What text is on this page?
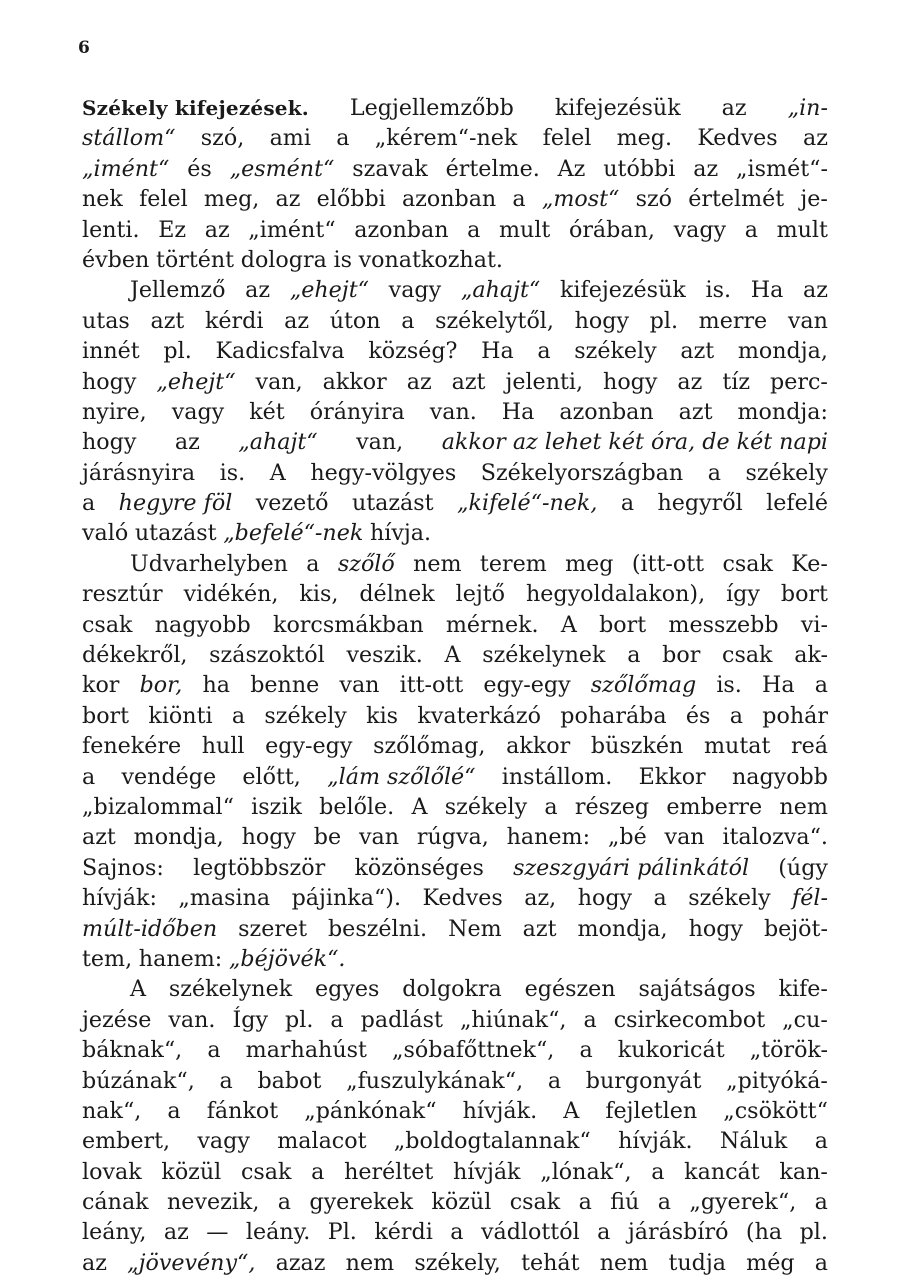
6
Székely kifejezések. Legjellemzőbb kifejezésük az „in-
stállom“ szó, ami a „kérem“-nek felel meg. Kedves az
„imént“ és „esmént“ szavak értelme. Az utóbbi az „ismét“-
nek felel meg, az előbbi azonban a „most“ szó értelmét je-
lenti. Ez az „imént“ azonban a mult órában, vagy a mult
évben történt dologra is vonatkozhat.
Jellemző az „ehejt“ vagy „ahajt“ kifejezésük is. Ha az
utas azt kérdi az úton a székelytől, hogy pl. merre van
innét pl. Kadicsfalva község? Ha a székely azt mondja,
hogy „ehejt“ van, akkor az azt jelenti, hogy az tíz perc-
nyire, vagy két órányira van. Ha azonban azt mondja:
hogy az „ahajt“ van, akkor az lehet két óra, de két napi
járásnyira is. A hegy-völgyes Székelyországban a székely
a hegyre föl vezető utazást „kifelé“-nek, a hegyről lefelé
való utazást „befelé“-nek hívja.
Udvarhelyben a szőlő nem terem meg (itt-ott csak Ke-
resztúr vidékén, kis, délnek lejtő hegyoldalakon), így bort
csak nagyobb korcsmákban mérnek. A bort messzebb vi-
dékekről, szászoktól veszik. A székelynek a bor csak ak-
kor bor, ha benne van itt-ott egy-egy szőlőmag is. Ha a
bort kiönti a székely kis kvaterkázó poharába és a pohár
fenekére hull egy-egy szőlőmag, akkor büszkén mutat reá
a vendége előtt, „lám szőlőlé“ instállom. Ekkor nagyobb
„bizalommal“ iszik belőle. A székely a részeg emberre nem
azt mondja, hogy be van rúgva, hanem: „bé van italozva“.
Sajnos: legtöbbször közönséges szeszgyári pálinkától (úgy
hívják: „masina pájinka“). Kedves az, hogy a székely fél-
múlt-időben szeret beszélni. Nem azt mondja, hogy bejöt-
tem, hanem: „béjövék“.
A székelynek egyes dolgokra egészen sajátságos kife-
jezése van. Így pl. a padlást „hiúnak“, a csirkecombot „cu-
báknak“, a marhahúst „sóbafőttnek“, a kukoricát „török-
búzának“, a babot „fuszulykának“, a burgonyát „pityóká-
nak“, a fánkot „pánkónak“ hívják. A fejletlen „csökött“
embert, vagy malacot „boldogtalannak“ hívják. Náluk a
lovak közül csak a heréltet hívják „lónak“, a kancát kan-
cának nevezik, a gyerekek közül csak a fiú a „gyerek“, a
leány, az — leány. Pl. kérdi a vádlottól a járásbíró (ha pl.
az „jövevény“, azaz nem székely, tehát nem tudja még a
